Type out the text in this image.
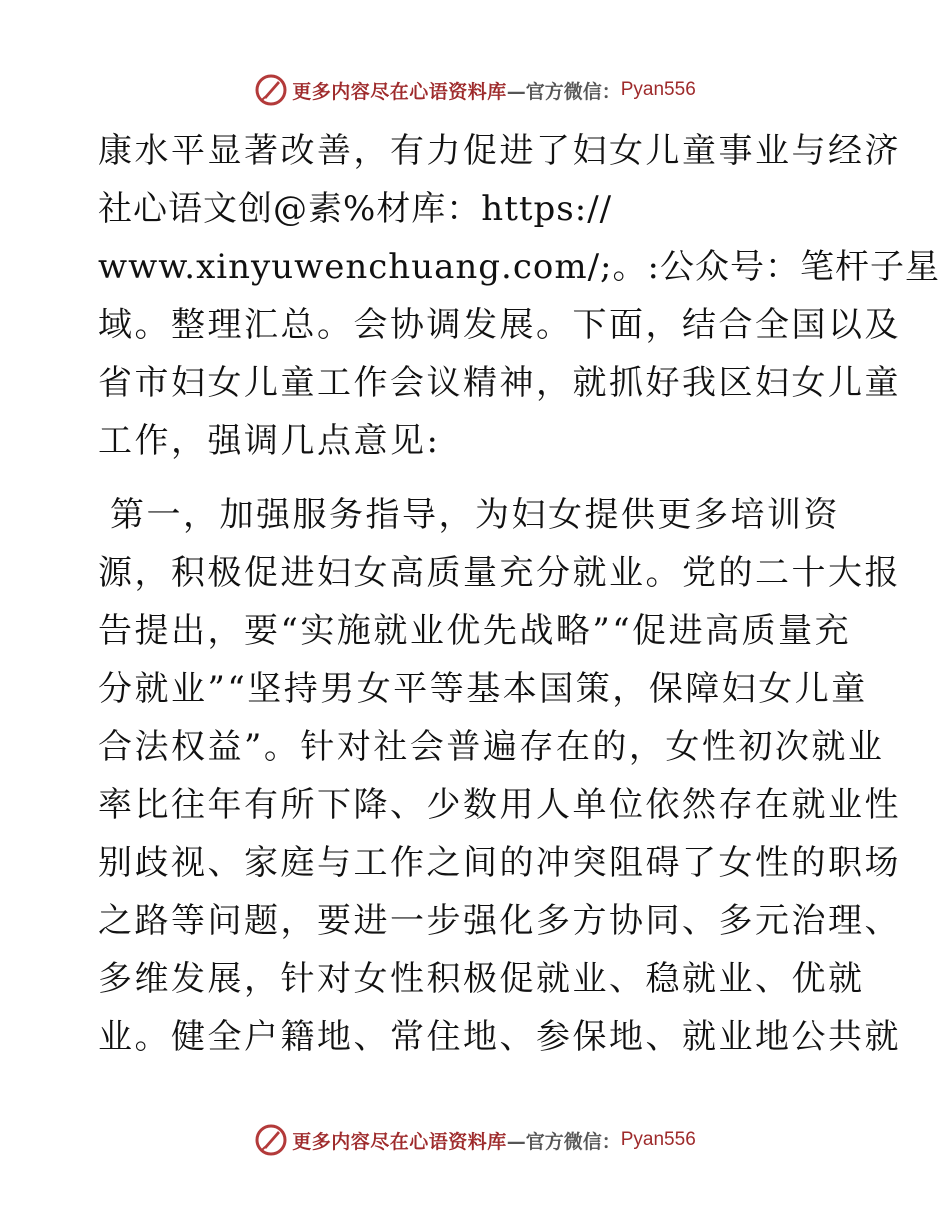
更多内容尽在心语资料库 —官方微信： Pyan556
康水平显著改善，有力促进了妇女儿童事业与经济
社心语文创@素%材库：https://
www.xinyuwenchuang.com/;。:公众号：笔杆子星
域。整理汇总。会协调发展。下面，结合全国以及
省市妇女儿童工作会议精神，就抓好我区妇女儿童
工作，强调几点意见:
第一，加强服务指导，为妇女提供更多培训资
源，积极促进妇女高质量充分就业。党的二十大报
告提出，要“实施就业优先战略”“促进高质量充
分就业”“坚持男女平等基本国策，保障妇女儿童
合法权益”。针对社会普遍存在的，女性初次就业
率比往年有所下降、少数用人单位依然存在就业性
别歧视、家庭与工作之间的冲突阻碍了女性的职场
之路等问题，要进一步强化多方协同、多元治理、
多维发展，针对女性积极促就业、稳就业、优就
业。健全户籍地、常住地、参保地、就业地公共就
更多内容尽在心语资料库 —官方微信： Pyan556
